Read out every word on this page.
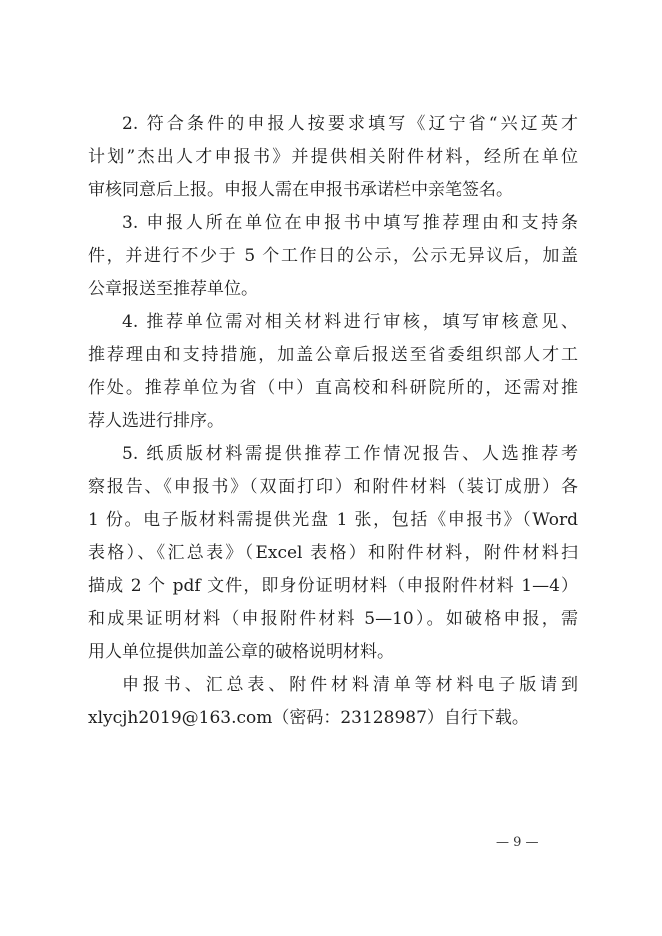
2. 符合条件的申报人按要求填写《辽宁省“兴辽英才
计划”杰出人才申报书》并提供相关附件材料，经所在单位
审核同意后上报。申报人需在申报书承诺栏中亲笔签名。
3. 申报人所在单位在申报书中填写推荐理由和支持条
件，并进行不少于 5 个工作日的公示，公示无异议后，加盖
公章报送至推荐单位。
4. 推荐单位需对相关材料进行审核，填写审核意见、
推荐理由和支持措施，加盖公章后报送至省委组织部人才工
作处。推荐单位为省（中）直高校和科研院所的，还需对推
荐人选进行排序。
5. 纸质版材料需提供推荐工作情况报告、人选推荐考
察报告、《申报书》（双面打印）和附件材料（装订成册）各
1 份。电子版材料需提供光盘 1 张，包括《申报书》（Word
表格）、《汇总表》（Excel 表格）和附件材料，附件材料扫
描成 2 个 pdf 文件，即身份证明材料（申报附件材料 1—4）
和成果证明材料（申报附件材料 5—10）。如破格申报，需
用人单位提供加盖公章的破格说明材料。
申报书、汇总表、附件材料清单等材料电子版请到
xlycjh2019@163.com（密码：23128987）自行下载。
— 9 —
